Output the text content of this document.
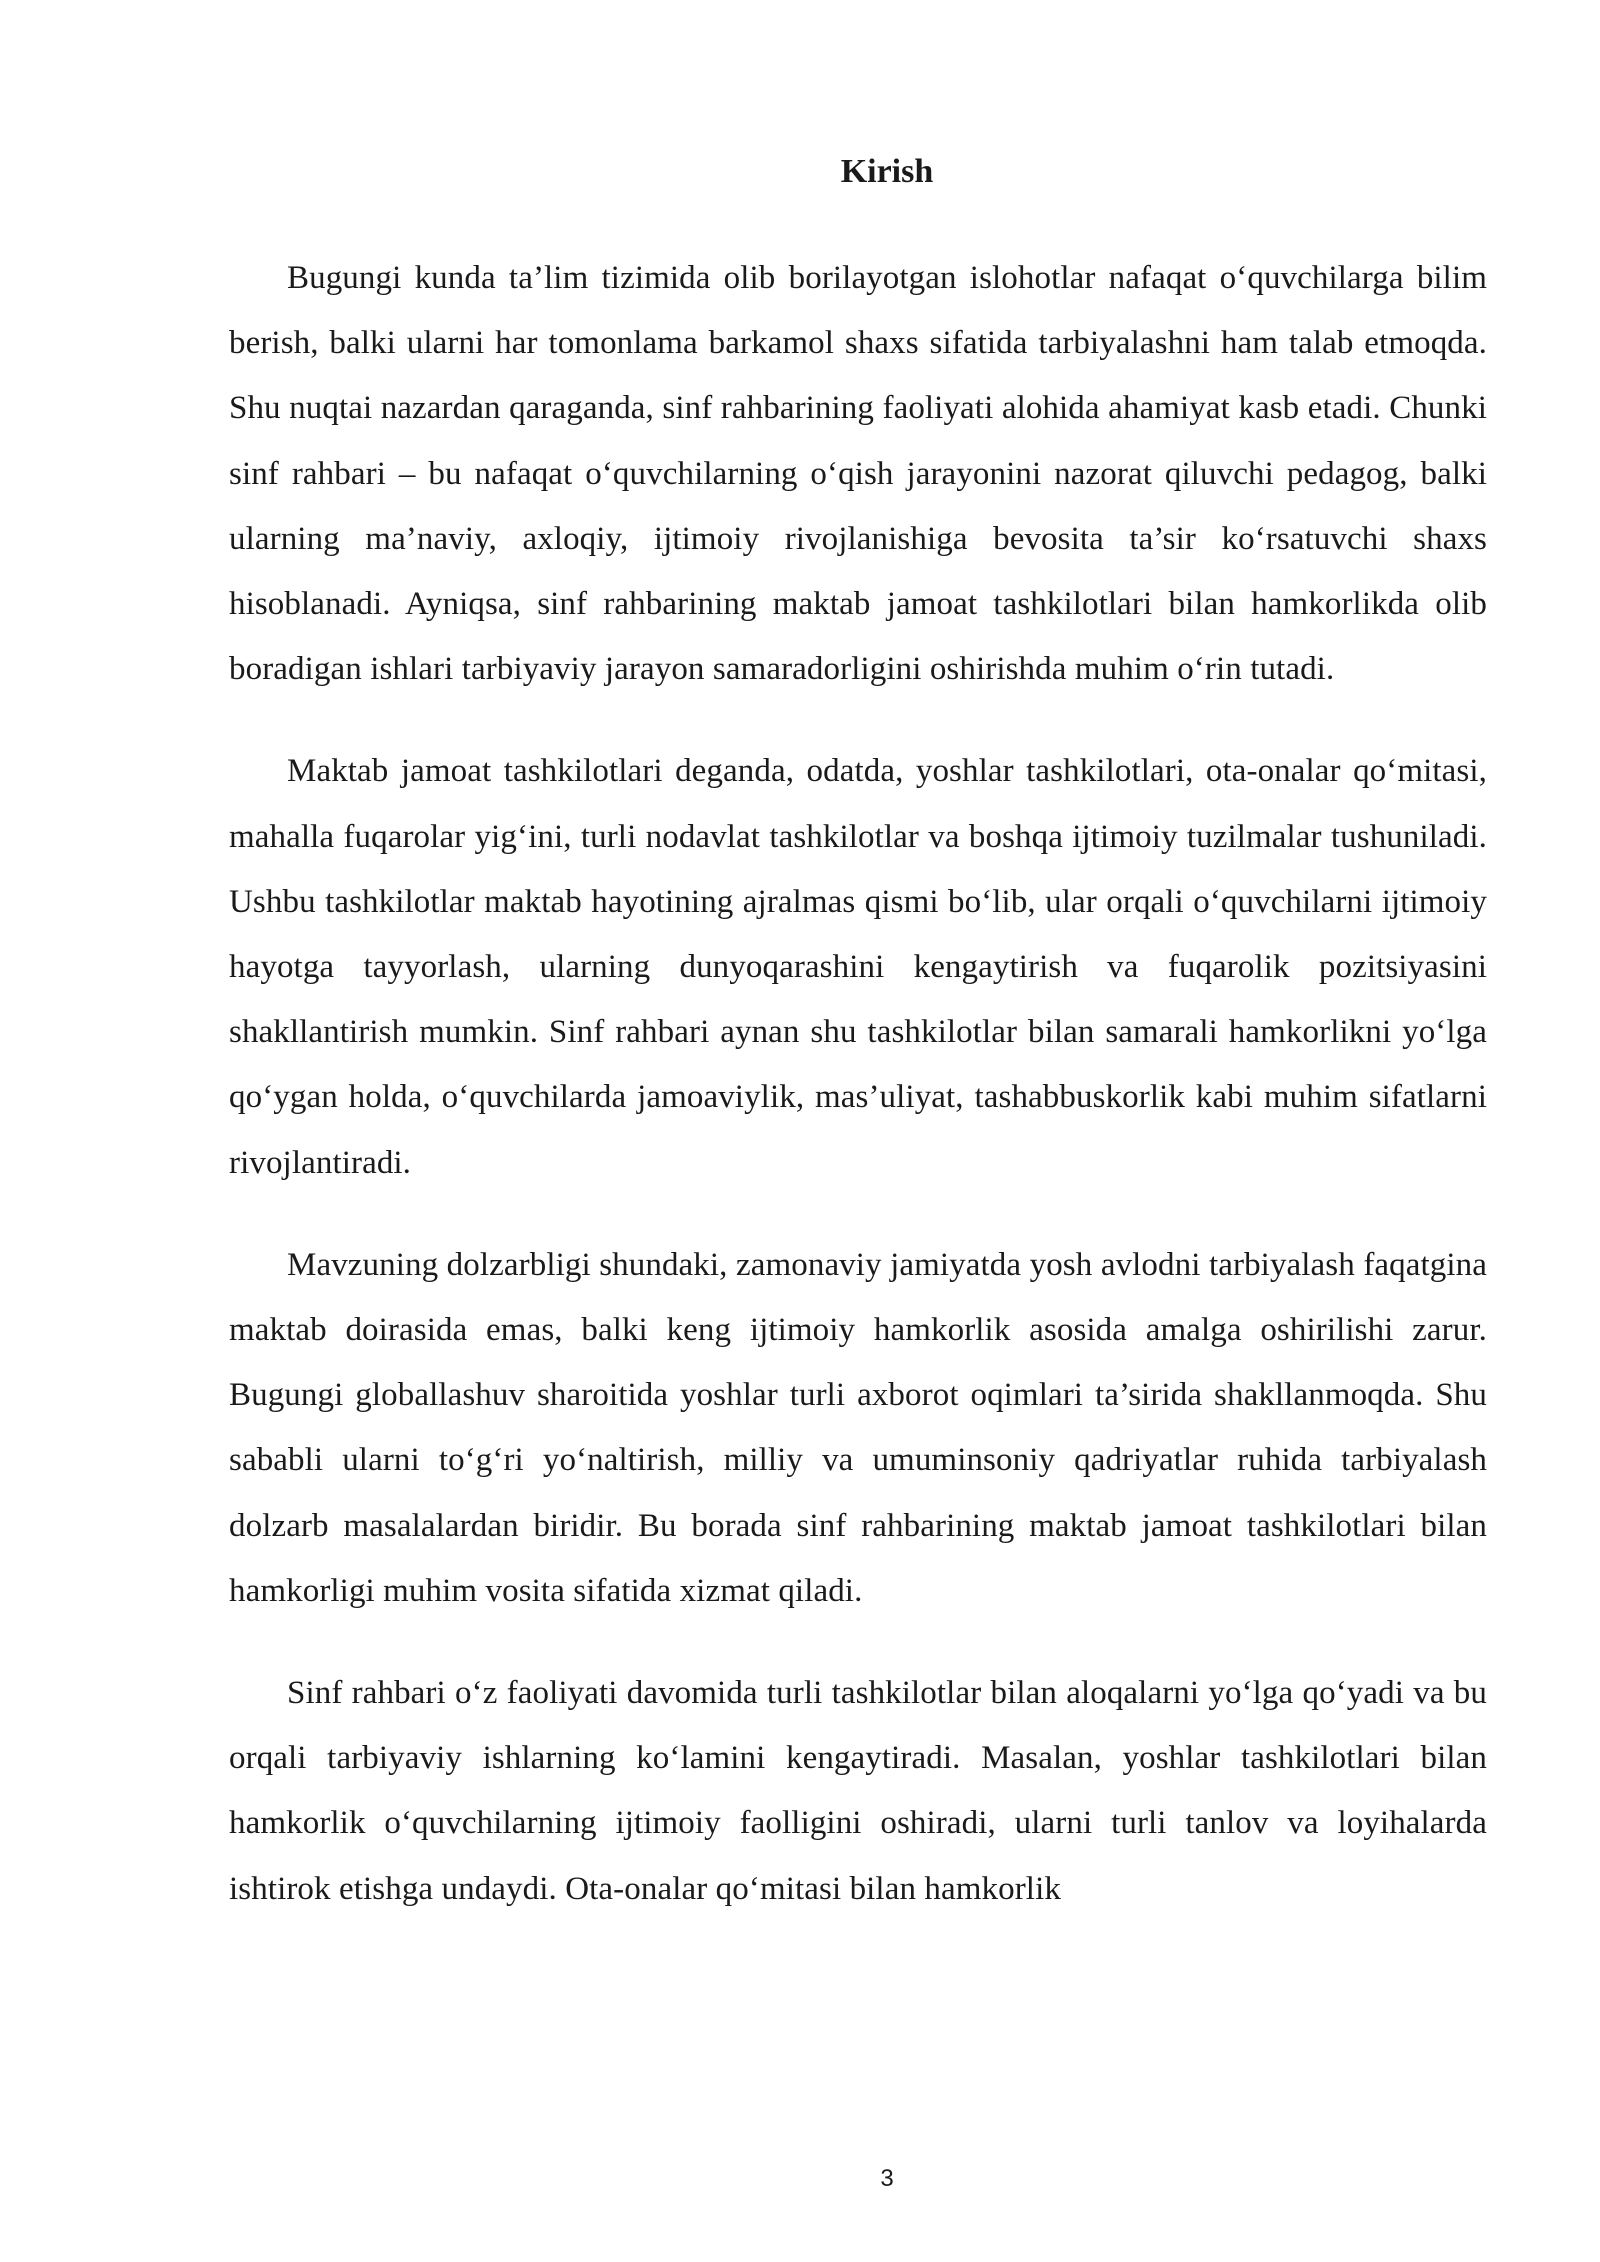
Kirish

Bugungi kunda ta’lim tizimida olib borilayotgan islohotlar nafaqat o‘quvchilarga bilim berish, balki ularni har tomonlama barkamol shaxs sifatida tarbiyalashni ham talab etmoqda. Shu nuqtai nazardan qaraganda, sinf rahbarining faoliyati alohida ahamiyat kasb etadi. Chunki sinf rahbari – bu nafaqat o‘quvchilarning o‘qish jarayonini nazorat qiluvchi pedagog, balki ularning ma’naviy, axloqiy, ijtimoiy rivojlanishiga bevosita ta’sir ko‘rsatuvchi shaxs hisoblanadi. Ayniqsa, sinf rahbarining maktab jamoat tashkilotlari bilan hamkorlikda olib boradigan ishlari tarbiyaviy jarayon samaradorligini oshirishda muhim o‘rin tutadi.

Maktab jamoat tashkilotlari deganda, odatda, yoshlar tashkilotlari, ota-onalar qo‘mitasi, mahalla fuqarolar yig‘ini, turli nodavlat tashkilotlar va boshqa ijtimoiy tuzilmalar tushuniladi. Ushbu tashkilotlar maktab hayotining ajralmas qismi bo‘lib, ular orqali o‘quvchilarni ijtimoiy hayotga tayyorlash, ularning dunyoqarashini kengaytirish va fuqarolik pozitsiyasini shakllantirish mumkin. Sinf rahbari aynan shu tashkilotlar bilan samarali hamkorlikni yo‘lga qo‘ygan holda, o‘quvchilarda jamoaviylik, mas’uliyat, tashabbuskorlik kabi muhim sifatlarni rivojlantiradi.

Mavzuning dolzarbligi shundaki, zamonaviy jamiyatda yosh avlodni tarbiyalash faqatgina maktab doirasida emas, balki keng ijtimoiy hamkorlik asosida amalga oshirilishi zarur. Bugungi globallashuv sharoitida yoshlar turli axborot oqimlari ta’sirida shakllanmoqda. Shu sababli ularni to‘g‘ri yo‘naltirish, milliy va umuminsoniy qadriyatlar ruhida tarbiyalash dolzarb masalalardan biridir. Bu borada sinf rahbarining maktab jamoat tashkilotlari bilan hamkorligi muhim vosita sifatida xizmat qiladi.

Sinf rahbari o‘z faoliyati davomida turli tashkilotlar bilan aloqalarni yo‘lga qo‘yadi va bu orqali tarbiyaviy ishlarning ko‘lamini kengaytiradi. Masalan, yoshlar tashkilotlari bilan hamkorlik o‘quvchilarning ijtimoiy faolligini oshiradi, ularni turli tanlov va loyihalarda ishtirok etishga undaydi. Ota-onalar qo‘mitasi bilan hamkorlik

3
